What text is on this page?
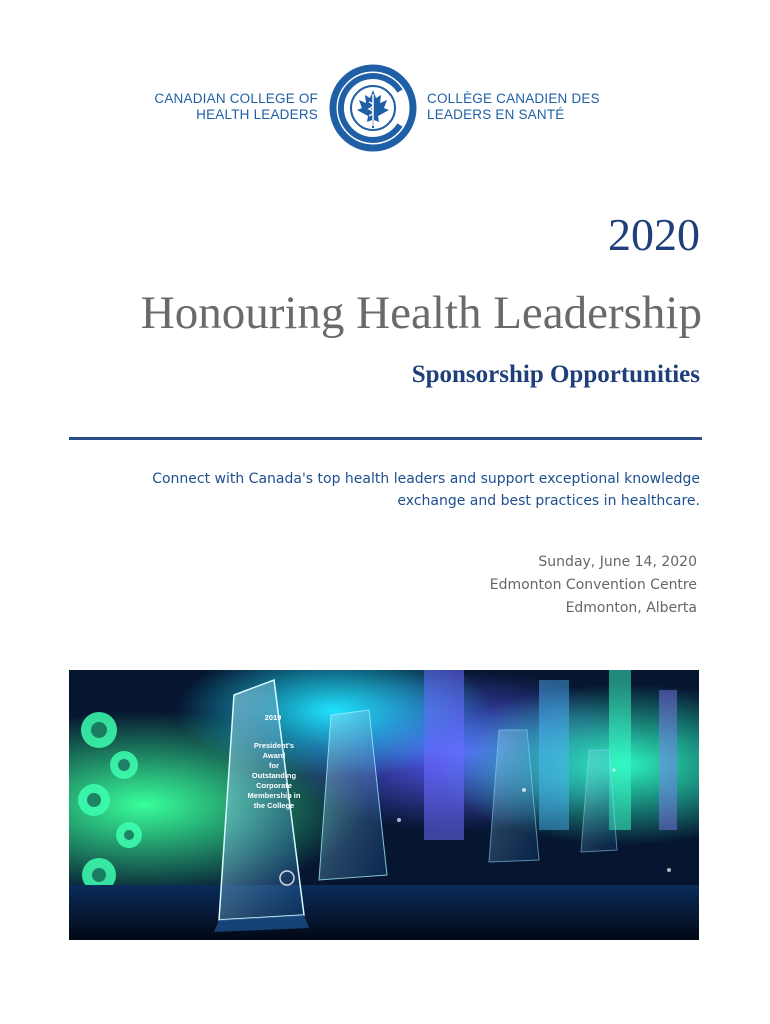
CANADIAN COLLEGE OF
HEALTH LEADERS
COLLÈGE CANADIEN DES
LEADERS EN SANTÉ
2020
Honouring Health Leadership
Sponsorship Opportunities
Connect with Canada's top health leaders and support exceptional knowledge
exchange and best practices in healthcare.
Sunday, June 14, 2020
Edmonton Convention Centre
Edmonton, Alberta
2019
President's
Award
for
Outstanding
Corporate
Membership in
the College
